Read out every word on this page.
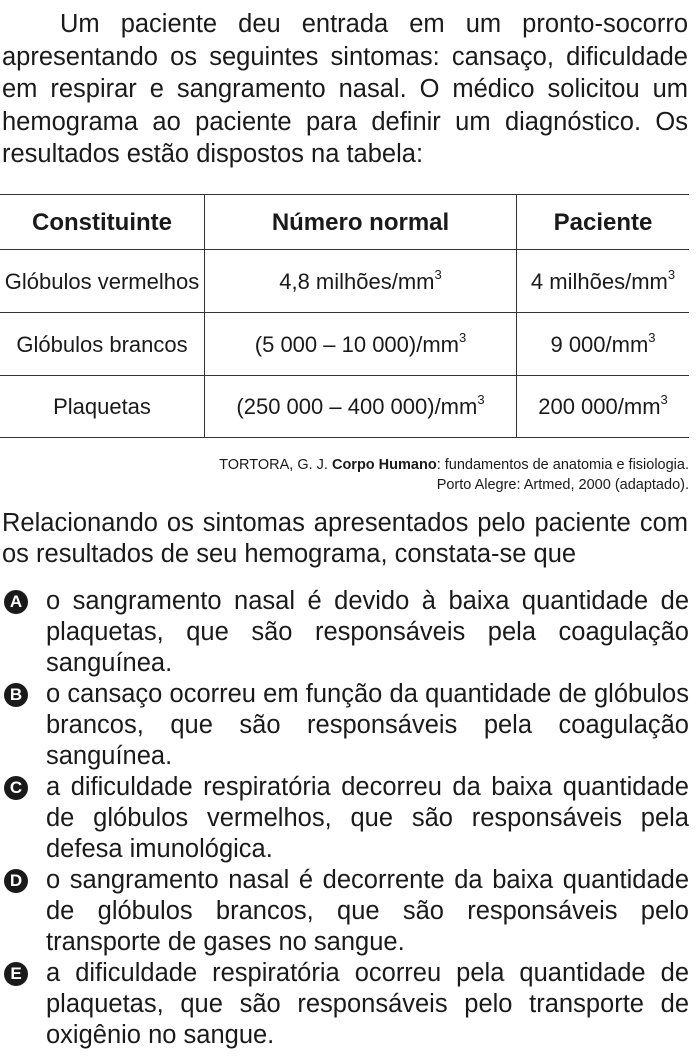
Um paciente deu entrada em um pronto-socorro apresentando os seguintes sintomas: cansaço, dificuldade em respirar e sangramento nasal. O médico solicitou um hemograma ao paciente para definir um diagnóstico. Os resultados estão dispostos na tabela:

Constituinte	Número normal	Paciente
Glóbulos vermelhos	4,8 milhões/$mm^3$	4 milhões/$mm^3$
Glóbulos brancos	(5 000 – 10 $000)/mm^3$	9 $000/mm^3$
Plaquetas	(250 000 – 400 $000)/mm^3$	200 $000/mm^3$
TORTORA, G. J. Corpo Humano: fundamentos de anatomia e fisiologia.
Porto Alegre: Artmed, 2000 (adaptado).

Relacionando os sintomas apresentados pelo paciente com os resultados de seu hemograma, constata-se que

A o sangramento nasal é devido à baixa quantidade de plaquetas, que são responsáveis pela coagulação sanguínea.
B o cansaço ocorreu em função da quantidade de glóbulos brancos, que são responsáveis pela coagulação sanguínea.
C a dificuldade respiratória decorreu da baixa quantidade de glóbulos vermelhos, que são responsáveis pela defesa imunológica.
D o sangramento nasal é decorrente da baixa quantidade de glóbulos brancos, que são responsáveis pelo transporte de gases no sangue.
E a dificuldade respiratória ocorreu pela quantidade de plaquetas, que são responsáveis pelo transporte de oxigênio no sangue.
